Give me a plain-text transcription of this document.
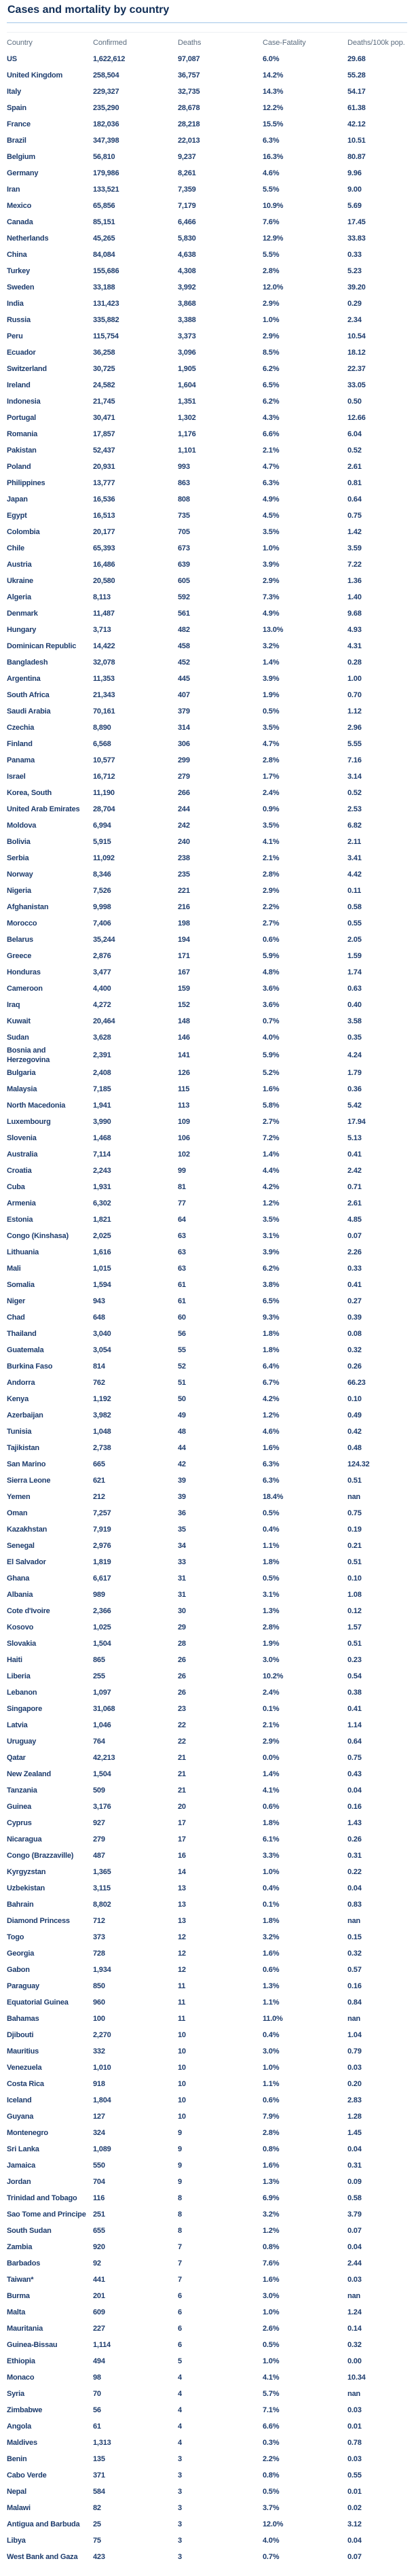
Cases and mortality by country
Country	Confirmed	Deaths	Case-Fatality	Deaths/100k pop.
US	1,622,612	97,087	6.0%	29.68
United Kingdom	258,504	36,757	14.2%	55.28
Italy	229,327	32,735	14.3%	54.17
Spain	235,290	28,678	12.2%	61.38
France	182,036	28,218	15.5%	42.12
Brazil	347,398	22,013	6.3%	10.51
Belgium	56,810	9,237	16.3%	80.87
Germany	179,986	8,261	4.6%	9.96
Iran	133,521	7,359	5.5%	9.00
Mexico	65,856	7,179	10.9%	5.69
Canada	85,151	6,466	7.6%	17.45
Netherlands	45,265	5,830	12.9%	33.83
China	84,084	4,638	5.5%	0.33
Turkey	155,686	4,308	2.8%	5.23
Sweden	33,188	3,992	12.0%	39.20
India	131,423	3,868	2.9%	0.29
Russia	335,882	3,388	1.0%	2.34
Peru	115,754	3,373	2.9%	10.54
Ecuador	36,258	3,096	8.5%	18.12
Switzerland	30,725	1,905	6.2%	22.37
Ireland	24,582	1,604	6.5%	33.05
Indonesia	21,745	1,351	6.2%	0.50
Portugal	30,471	1,302	4.3%	12.66
Romania	17,857	1,176	6.6%	6.04
Pakistan	52,437	1,101	2.1%	0.52
Poland	20,931	993	4.7%	2.61
Philippines	13,777	863	6.3%	0.81
Japan	16,536	808	4.9%	0.64
Egypt	16,513	735	4.5%	0.75
Colombia	20,177	705	3.5%	1.42
Chile	65,393	673	1.0%	3.59
Austria	16,486	639	3.9%	7.22
Ukraine	20,580	605	2.9%	1.36
Algeria	8,113	592	7.3%	1.40
Denmark	11,487	561	4.9%	9.68
Hungary	3,713	482	13.0%	4.93
Dominican Republic	14,422	458	3.2%	4.31
Bangladesh	32,078	452	1.4%	0.28
Argentina	11,353	445	3.9%	1.00
South Africa	21,343	407	1.9%	0.70
Saudi Arabia	70,161	379	0.5%	1.12
Czechia	8,890	314	3.5%	2.96
Finland	6,568	306	4.7%	5.55
Panama	10,577	299	2.8%	7.16
Israel	16,712	279	1.7%	3.14
Korea, South	11,190	266	2.4%	0.52
United Arab Emirates	28,704	244	0.9%	2.53
Moldova	6,994	242	3.5%	6.82
Bolivia	5,915	240	4.1%	2.11
Serbia	11,092	238	2.1%	3.41
Norway	8,346	235	2.8%	4.42
Nigeria	7,526	221	2.9%	0.11
Afghanistan	9,998	216	2.2%	0.58
Morocco	7,406	198	2.7%	0.55
Belarus	35,244	194	0.6%	2.05
Greece	2,876	171	5.9%	1.59
Honduras	3,477	167	4.8%	1.74
Cameroon	4,400	159	3.6%	0.63
Iraq	4,272	152	3.6%	0.40
Kuwait	20,464	148	0.7%	3.58
Sudan	3,628	146	4.0%	0.35
Bosnia and Herzegovina
2,391	141	5.9%	4.24
Bulgaria	2,408	126	5.2%	1.79
Malaysia	7,185	115	1.6%	0.36
North Macedonia	1,941	113	5.8%	5.42
Luxembourg	3,990	109	2.7%	17.94
Slovenia	1,468	106	7.2%	5.13
Australia	7,114	102	1.4%	0.41
Croatia	2,243	99	4.4%	2.42
Cuba	1,931	81	4.2%	0.71
Armenia	6,302	77	1.2%	2.61
Estonia	1,821	64	3.5%	4.85
Congo (Kinshasa)	2,025	63	3.1%	0.07
Lithuania	1,616	63	3.9%	2.26
Mali	1,015	63	6.2%	0.33
Somalia	1,594	61	3.8%	0.41
Niger	943	61	6.5%	0.27
Chad	648	60	9.3%	0.39
Thailand	3,040	56	1.8%	0.08
Guatemala	3,054	55	1.8%	0.32
Burkina Faso	814	52	6.4%	0.26
Andorra	762	51	6.7%	66.23
Kenya	1,192	50	4.2%	0.10
Azerbaijan	3,982	49	1.2%	0.49
Tunisia	1,048	48	4.6%	0.42
Tajikistan	2,738	44	1.6%	0.48
San Marino	665	42	6.3%	124.32
Sierra Leone	621	39	6.3%	0.51
Yemen	212	39	18.4%	nan
Oman	7,257	36	0.5%	0.75
Kazakhstan	7,919	35	0.4%	0.19
Senegal	2,976	34	1.1%	0.21
El Salvador	1,819	33	1.8%	0.51
Ghana	6,617	31	0.5%	0.10
Albania	989	31	3.1%	1.08
Cote d'Ivoire	2,366	30	1.3%	0.12
Kosovo	1,025	29	2.8%	1.57
Slovakia	1,504	28	1.9%	0.51
Haiti	865	26	3.0%	0.23
Liberia	255	26	10.2%	0.54
Lebanon	1,097	26	2.4%	0.38
Singapore	31,068	23	0.1%	0.41
Latvia	1,046	22	2.1%	1.14
Uruguay	764	22	2.9%	0.64
Qatar	42,213	21	0.0%	0.75
New Zealand	1,504	21	1.4%	0.43
Tanzania	509	21	4.1%	0.04
Guinea	3,176	20	0.6%	0.16
Cyprus	927	17	1.8%	1.43
Nicaragua	279	17	6.1%	0.26
Congo (Brazzaville)	487	16	3.3%	0.31
Kyrgyzstan	1,365	14	1.0%	0.22
Uzbekistan	3,115	13	0.4%	0.04
Bahrain	8,802	13	0.1%	0.83
Diamond Princess	712	13	1.8%	nan
Togo	373	12	3.2%	0.15
Georgia	728	12	1.6%	0.32
Gabon	1,934	12	0.6%	0.57
Paraguay	850	11	1.3%	0.16
Equatorial Guinea	960	11	1.1%	0.84
Bahamas	100	11	11.0%	nan
Djibouti	2,270	10	0.4%	1.04
Mauritius	332	10	3.0%	0.79
Venezuela	1,010	10	1.0%	0.03
Costa Rica	918	10	1.1%	0.20
Iceland	1,804	10	0.6%	2.83
Guyana	127	10	7.9%	1.28
Montenegro	324	9	2.8%	1.45
Sri Lanka	1,089	9	0.8%	0.04
Jamaica	550	9	1.6%	0.31
Jordan	704	9	1.3%	0.09
Trinidad and Tobago	116	8	6.9%	0.58
Sao Tome and Principe 251	8	3.2%	3.79
South Sudan	655	8	1.2%	0.07
Zambia	920	7	0.8%	0.04
Barbados	92	7	7.6%	2.44
Taiwan*	441	7	1.6%	0.03
Burma	201	6	3.0%	nan
Malta	609	6	1.0%	1.24
Mauritania	227	6	2.6%	0.14
Guinea-Bissau	1,114	6	0.5%	0.32
Ethiopia	494	5	1.0%	0.00
Monaco	98	4	4.1%	10.34
Syria	70	4	5.7%	nan
Zimbabwe	56	4	7.1%	0.03
Angola	61	4	6.6%	0.01
Maldives	1,313	4	0.3%	0.78
Benin	135	3	2.2%	0.03
Cabo Verde	371	3	0.8%	0.55
Nepal	584	3	0.5%	0.01
Malawi	82	3	3.7%	0.02
Antigua and Barbuda	25	3	12.0%	3.12
Libya	75	3	4.0%	0.04
West Bank and Gaza	423	3	0.7%	0.07
